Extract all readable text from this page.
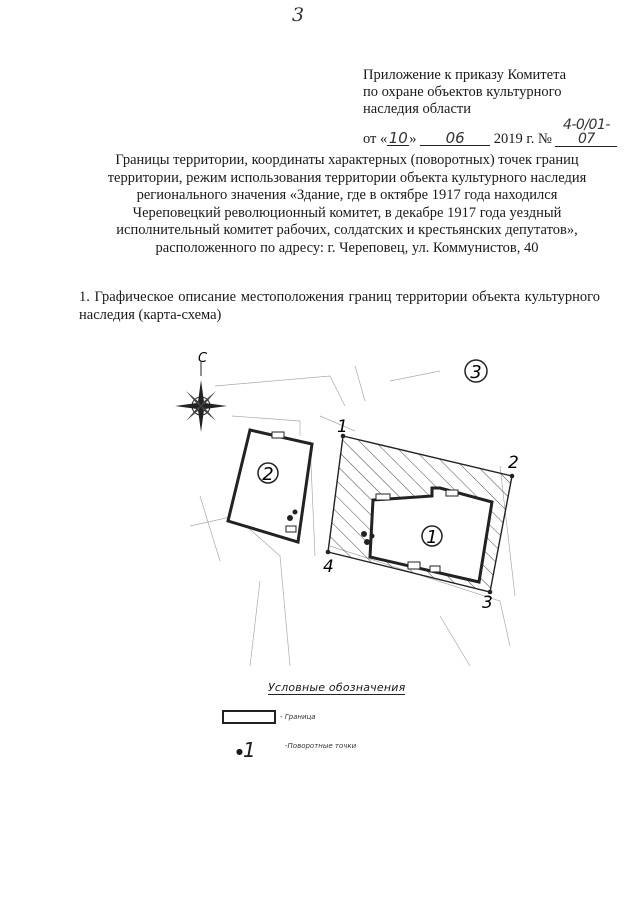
3
Приложение к приказу Комитета
по охране объектов культурного
наследия области
от «10» 06 2019 г. № 4-0/01-07
Границы территории, координаты характерных (поворотных) точек границ
территории, режим использования территории объекта культурного наследия
регионального значения «Здание, где в октябре 1917 года находился
Череповецкий революционный комитет, в декабре 1917 года уездный
исполнительный комитет рабочих, солдатских и крестьянских депутатов»,
расположенного по адресу: г. Череповец, ул. Коммунистов, 40
1. Графическое описание местоположения границ территории объекта культурного наследия (карта-схема)
С
1
2
3
1
2
3
4
Условные обозначения
- Граница
●1	-Поворотные точки
